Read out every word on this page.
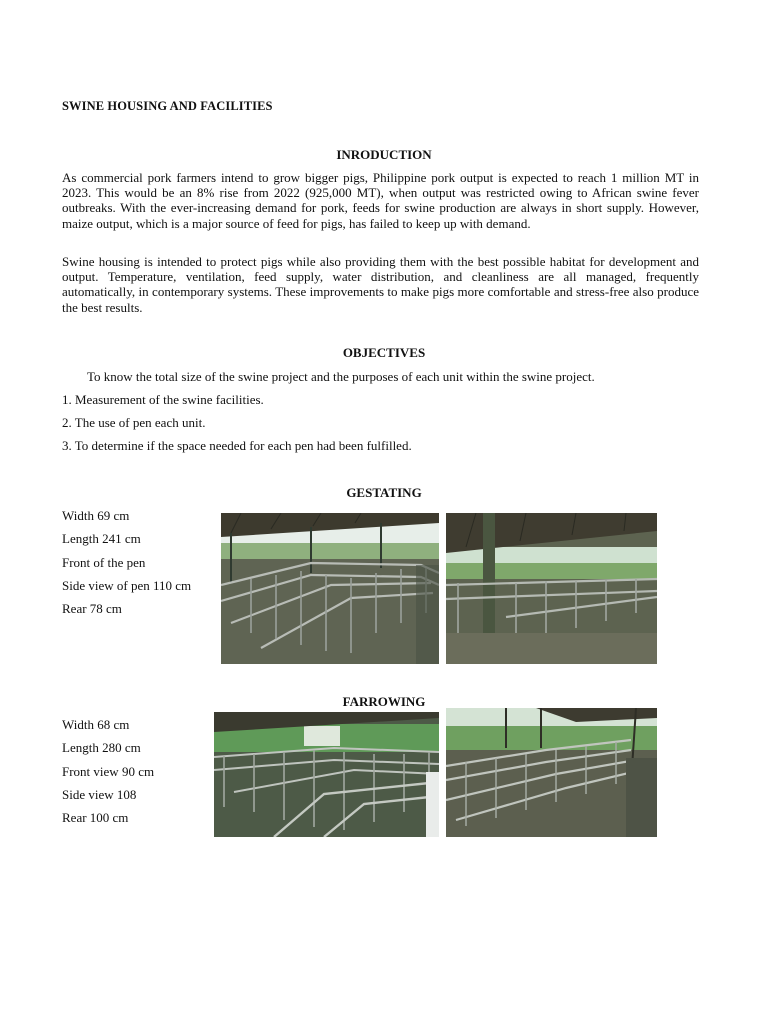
SWINE HOUSING AND FACILITIES
INRODUCTION
As commercial pork farmers intend to grow bigger pigs, Philippine pork output is expected to reach 1 million MT in 2023. This would be an 8% rise from 2022 (925,000 MT), when output was restricted owing to African swine fever outbreaks. With the ever-increasing demand for pork, feeds for swine production are always in short supply. However, maize output, which is a major source of feed for pigs, has failed to keep up with demand.
Swine housing is intended to protect pigs while also providing them with the best possible habitat for development and output. Temperature, ventilation, feed supply, water distribution, and cleanliness are all managed, frequently automatically, in contemporary systems. These improvements to make pigs more comfortable and stress-free also produce the best results.
OBJECTIVES
To know the total size of the swine project and the purposes of each unit within the swine project.
1. Measurement of the swine facilities.
2. The use of pen each unit.
3. To determine if the space needed for each pen had been fulfilled.
GESTATING
Width 69 cm
Length 241 cm
Front of the pen
Side view of pen 110 cm
Rear 78 cm
FARROWING
Width 68 cm
Length 280 cm
Front view 90 cm
Side view 108
Rear 100 cm
